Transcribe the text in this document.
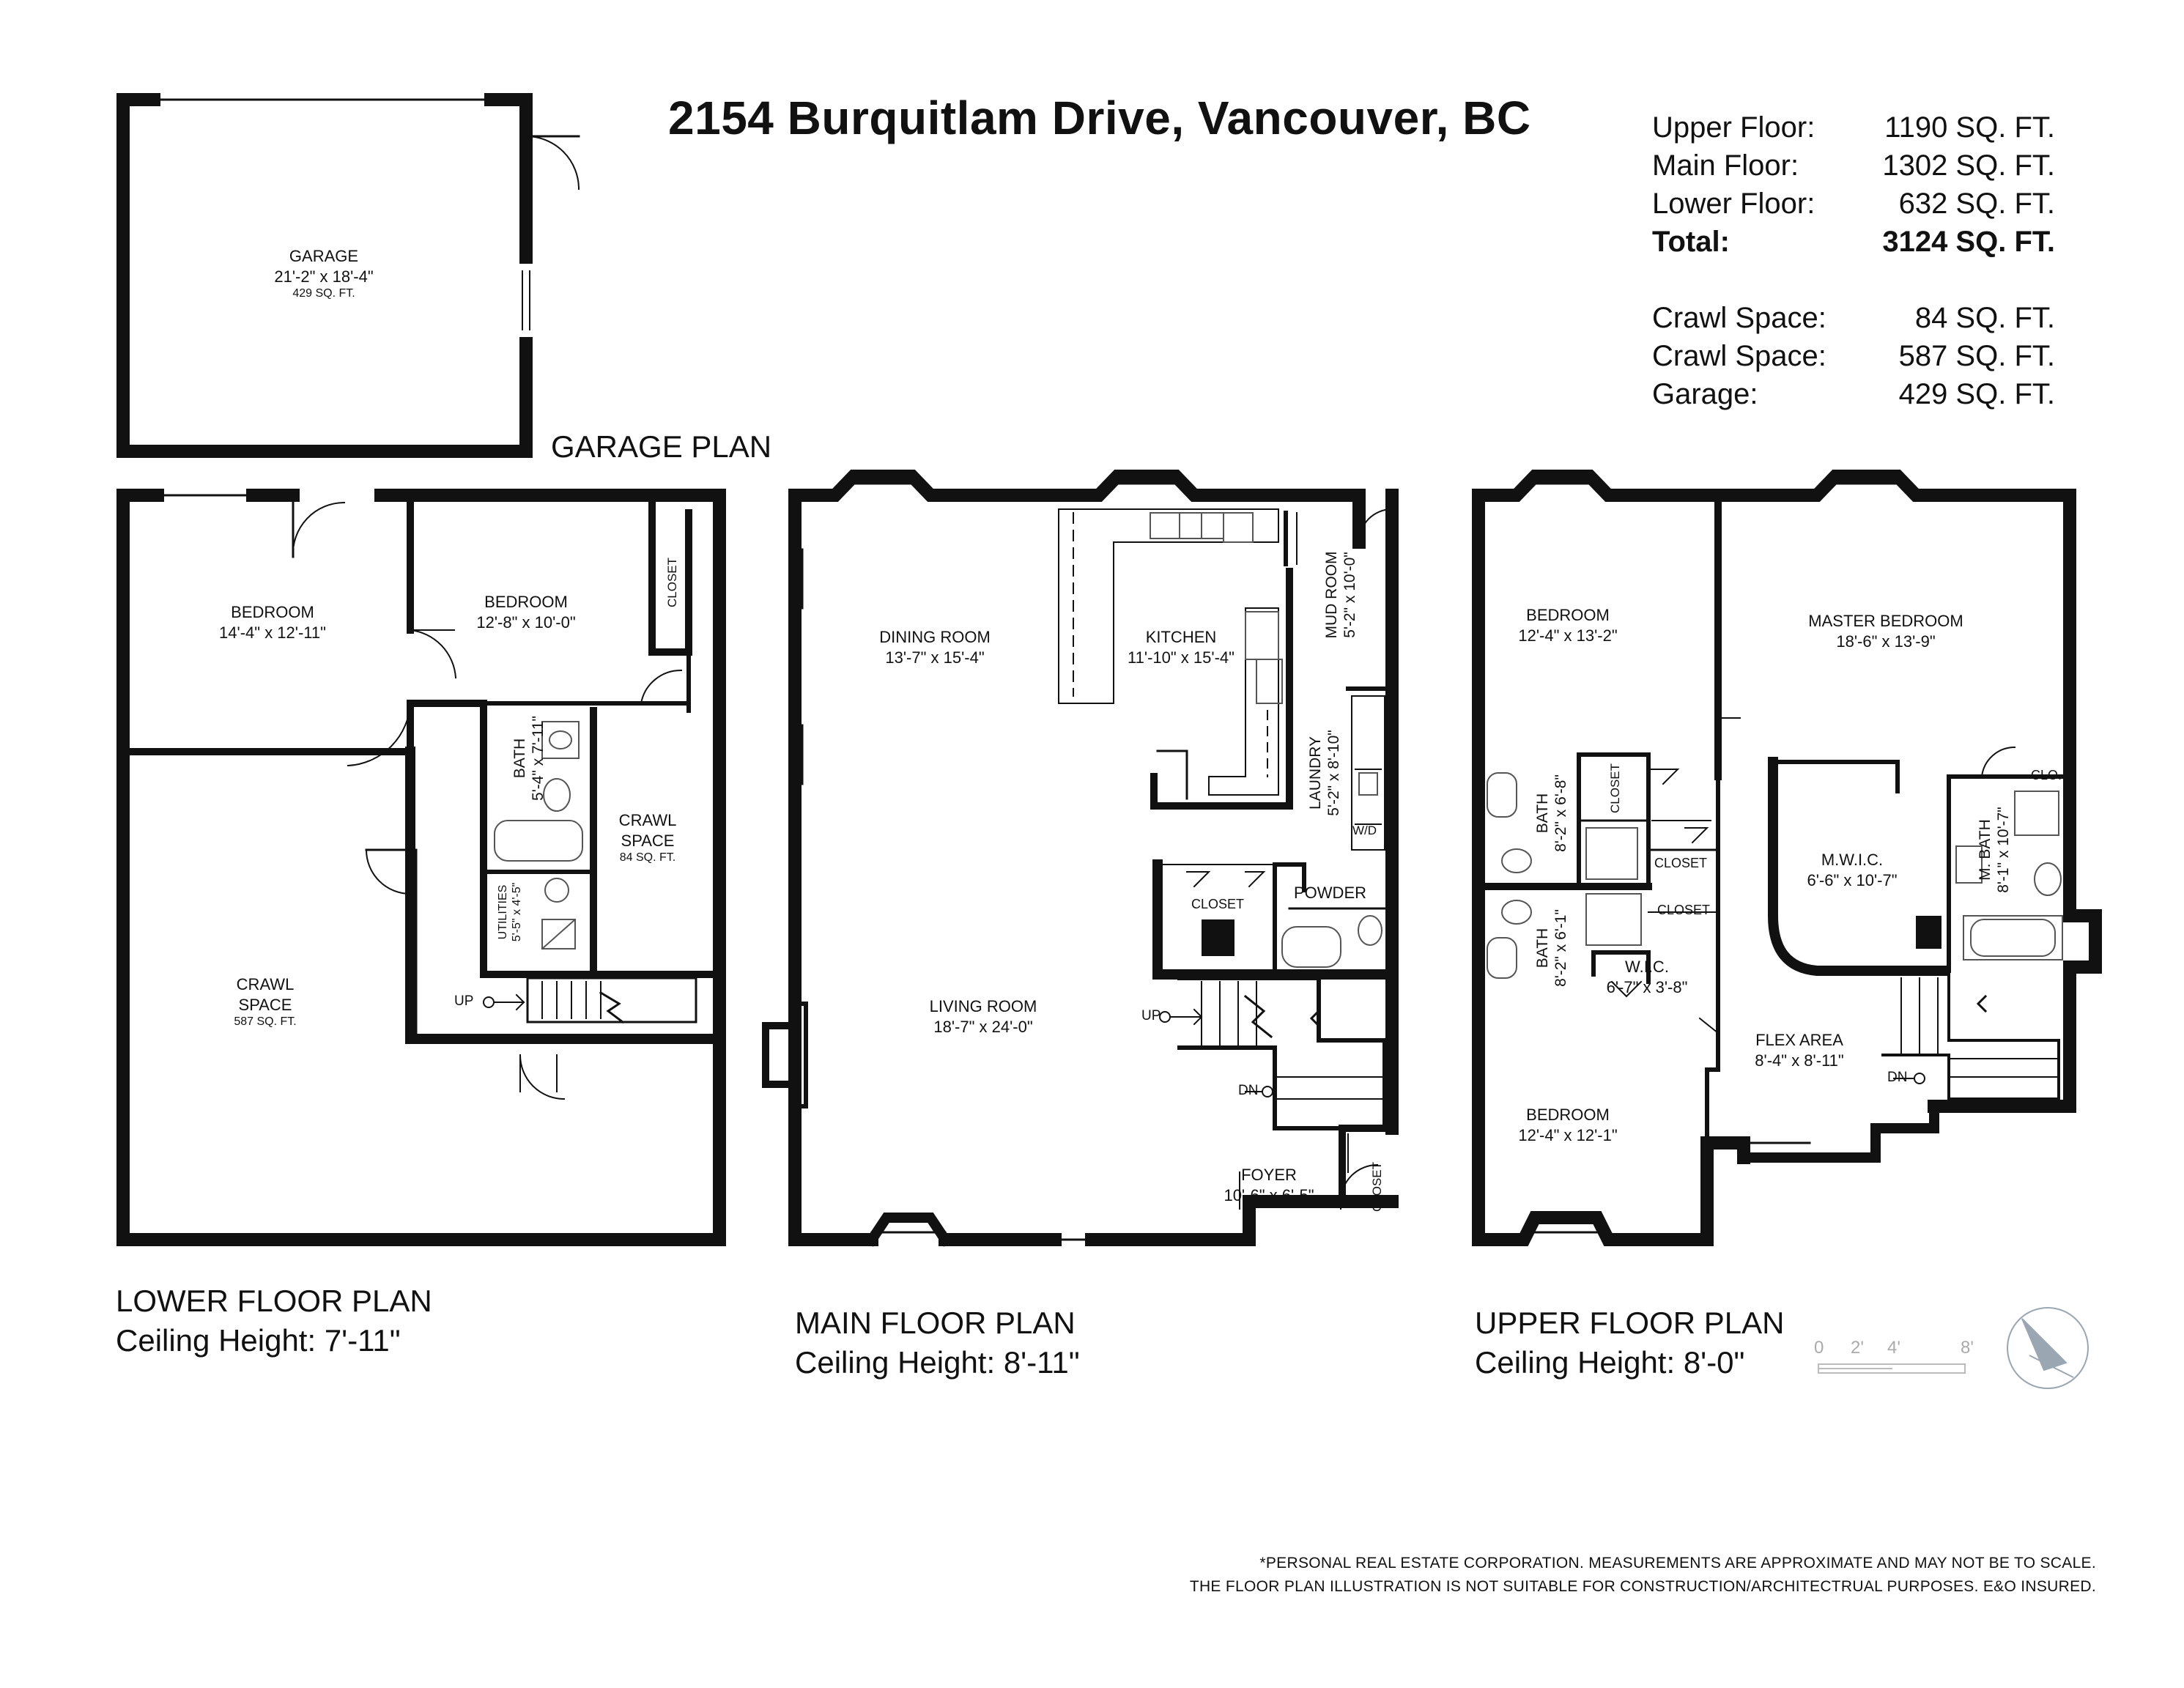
2154 Burquitlam Drive, Vancouver, BC	Upper Floor:	1190 SQ. FT.
Main Floor:	1302 SQ. FT.
Lower Floor:	632 SQ. FT.
Total:	3124 SQ. FT.
Crawl Space:	84 SQ. FT.
Crawl Space:	587 SQ. FT.
Garage:	429 SQ. FT.
GARAGE PLAN
LOWER FLOOR PLAN
Ceiling Height: 7'-11"
MAIN FLOOR PLAN
Ceiling Height: 8'-11"
UPPER FLOOR PLAN
Ceiling Height: 8'-0"
GARAGE
21'-2" x 18'-4"
429 SQ. FT.
BEDROOM
14'-4" x 12'-11"
BEDROOM
12'-8" x 10'-0"
CLOSET
BATH 5'-4" x 7'-11"
UTILITIES 5'-5" x 4'-5"
CRAWL
SPACE
84 SQ. FT.
CRAWL
SPACE
587 SQ. FT.
UP
DINING ROOM
13'-7" x 15'-4"
KITCHEN
11'-10" x 15'-4"
MUD ROOM 5'-2" x 10'-0"
LAUNDRY 5'-2" x 8'-10"
W/D
CLOSET
POWDER
LIVING ROOM
18'-7" x 24'-0"
FOYER
10'-6" x 6'-5"	CLOSET
UP
DN
BEDROOM
12'-4" x 13'-2"
MASTER BEDROOM
18'-6" x 13'-9"
BATH 8'-2" x 6'-8"
BATH 8'-2" x 6'-1"
CLOSET
CLOSET
CLOSET
CLO.
M.W.I.C.
6'-6" x 10'-7"	M. BATH 8'-1" x 10'-7"
W.I.C.
6'-7" x 3'-8"
FLEX AREA
8'-4" x 8'-11"
BEDROOM
12'-4" x 12'-1"
DN
0 2' 4'	8'
*PERSONAL REAL ESTATE CORPORATION. MEASUREMENTS ARE APPROXIMATE AND MAY NOT BE TO SCALE.
THE FLOOR PLAN ILLUSTRATION IS NOT SUITABLE FOR CONSTRUCTION/ARCHITECTRUAL PURPOSES. E&O INSURED.
